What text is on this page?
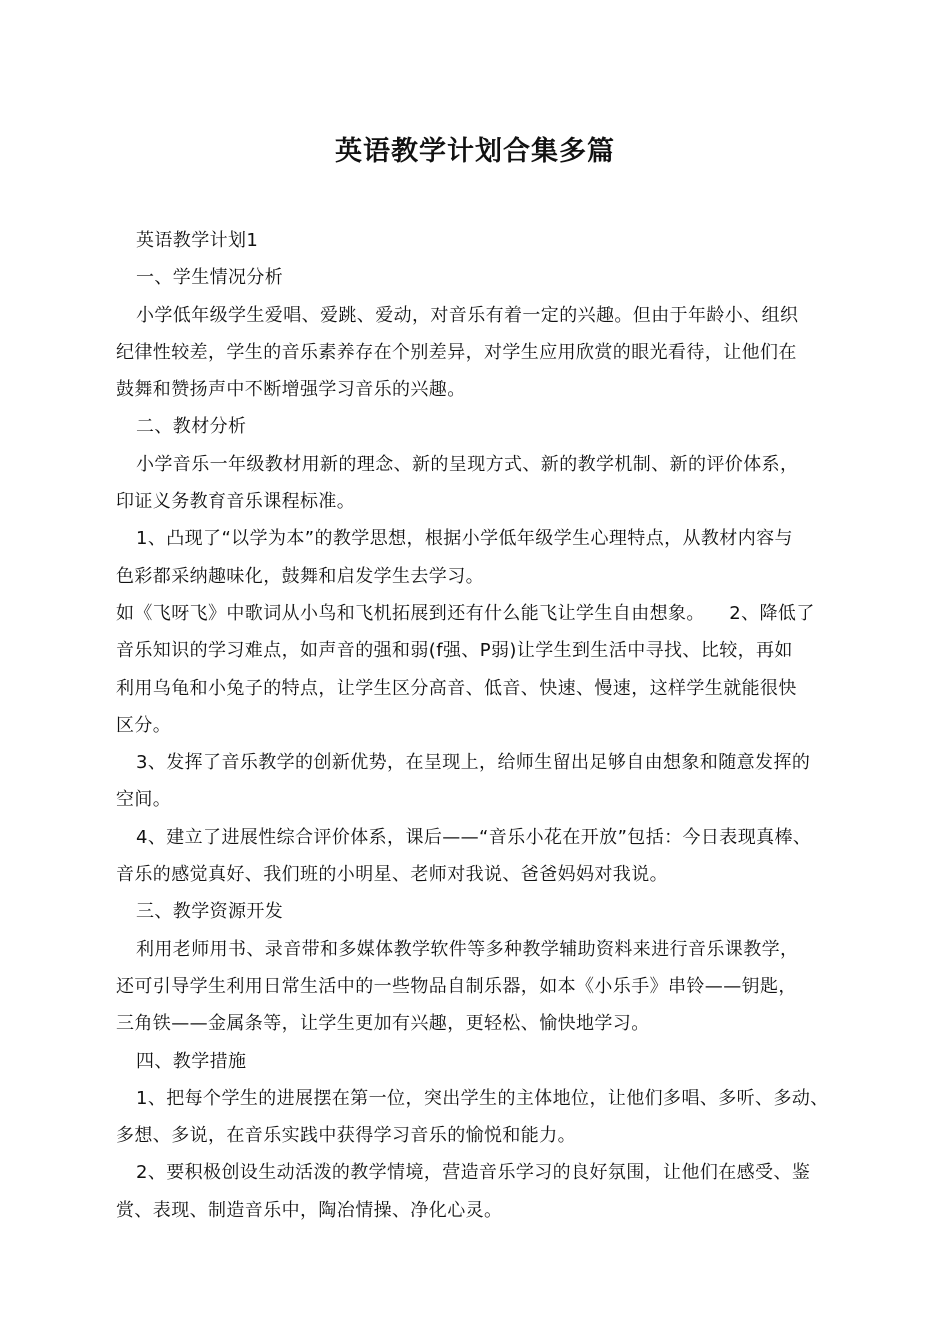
英语教学计划合集多篇

英语教学计划1

一、学生情况分析

小学低年级学生爱唱、爱跳、爱动，对音乐有着一定的兴趣。但由于年龄小、组织

纪律性较差，学生的音乐素养存在个别差异，对学生应用欣赏的眼光看待，让他们在

鼓舞和赞扬声中不断增强学习音乐的兴趣。

二、教材分析

小学音乐一年级教材用新的理念、新的呈现方式、新的教学机制、新的评价体系，

印证义务教育音乐课程标准。

1、凸现了“以学为本”的教学思想，根据小学低年级学生心理特点，从教材内容与

色彩都采纳趣味化，鼓舞和启发学生去学习。

如《飞呀飞》中歌词从小鸟和飞机拓展到还有什么能飞让学生自由想象。    2、降低了

音乐知识的学习难点，如声音的强和弱(f强、P弱)让学生到生活中寻找、比较，再如

利用乌龟和小兔子的特点，让学生区分高音、低音、快速、慢速，这样学生就能很快

区分。

3、发挥了音乐教学的创新优势，在呈现上，给师生留出足够自由想象和随意发挥的

空间。

4、建立了进展性综合评价体系，课后——“音乐小花在开放”包括：今日表现真棒、

音乐的感觉真好、我们班的小明星、老师对我说、爸爸妈妈对我说。

三、教学资源开发

利用老师用书、录音带和多媒体教学软件等多种教学辅助资料来进行音乐课教学，

还可引导学生利用日常生活中的一些物品自制乐器，如本《小乐手》串铃——钥匙，

三角铁——金属条等，让学生更加有兴趣，更轻松、愉快地学习。

四、教学措施

1、把每个学生的进展摆在第一位，突出学生的主体地位，让他们多唱、多听、多动、

多想、多说，在音乐实践中获得学习音乐的愉悦和能力。

2、要积极创设生动活泼的教学情境，营造音乐学习的良好氛围，让他们在感受、鉴

赏、表现、制造音乐中，陶冶情操、净化心灵。
